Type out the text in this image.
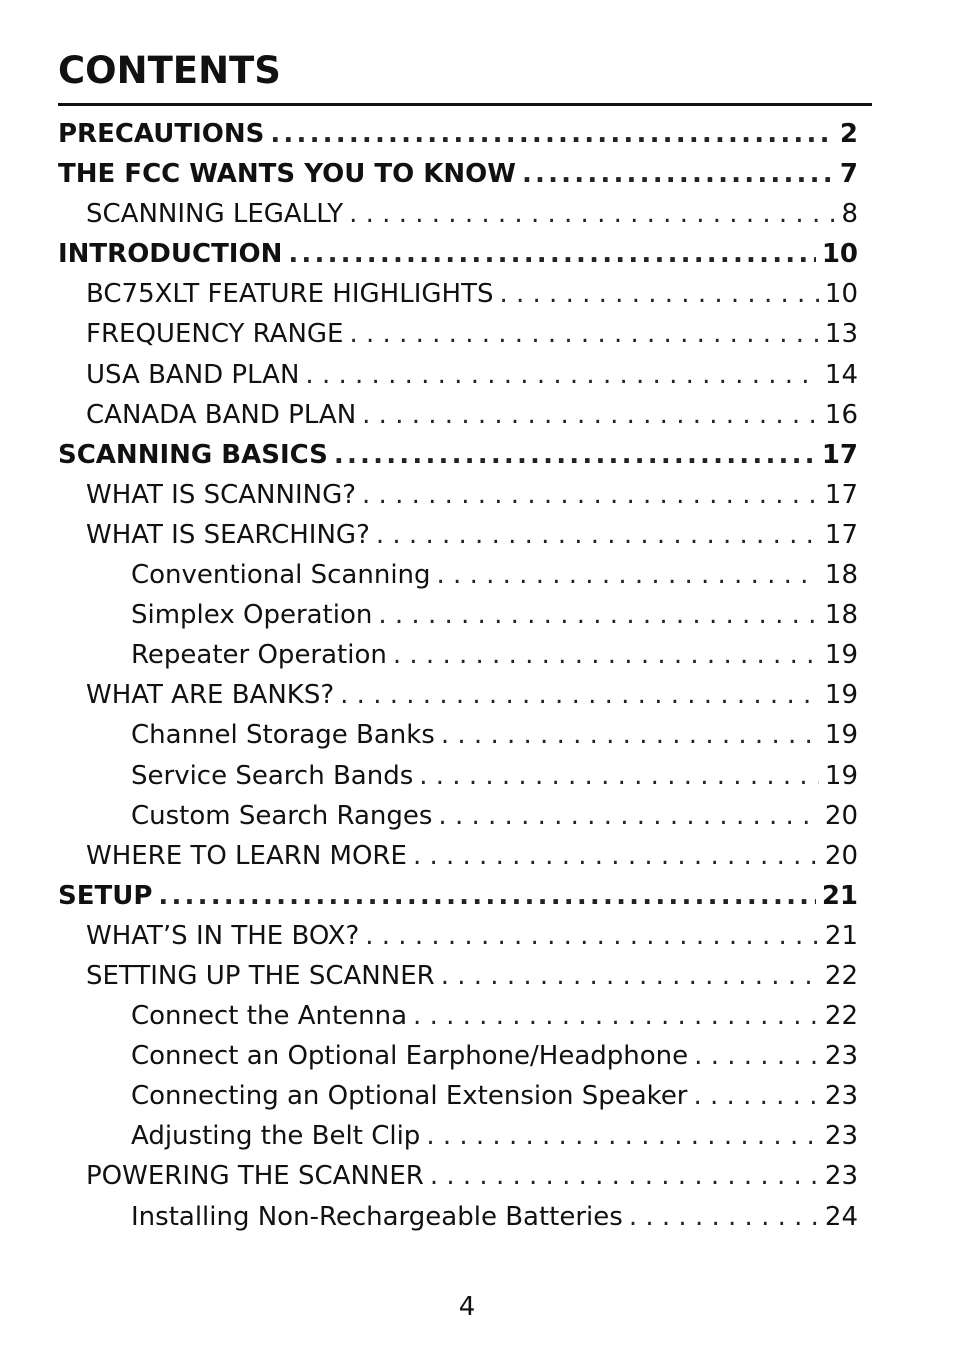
CONTENTS
PRECAUTIONS .....	2
THE FCC WANTS YOU TO KNOW .....	7
SCANNING LEGALLY . . .	8
INTRODUCTION .....	10
BC75XLT FEATURE HIGHLIGHTS . . .	10
FREQUENCY RANGE . . .	13
USA BAND PLAN . . .	14
CANADA BAND PLAN . . .	16
SCANNING BASICS .....	17
WHAT IS SCANNING? . . .	17
WHAT IS SEARCHING? . . .	17
Conventional Scanning . . .	18
Simplex Operation . . .	18
Repeater Operation . . .	19
WHAT ARE BANKS? . . .	19
Channel Storage Banks . . .	19
Service Search Bands . . .	19
Custom Search Ranges . . .	20
WHERE TO LEARN MORE . . .	20
SETUP .....	21
WHAT’S IN THE BOX? . . .	21
SETTING UP THE SCANNER . . .	22
Connect the Antenna . . .	22
Connect an Optional Earphone/Headphone . . .	23
Connecting an Optional Extension Speaker . . .	23
Adjusting the Belt Clip . . .	23
POWERING THE SCANNER . . .	23
Installing Non-Rechargeable Batteries . . .	24
4
